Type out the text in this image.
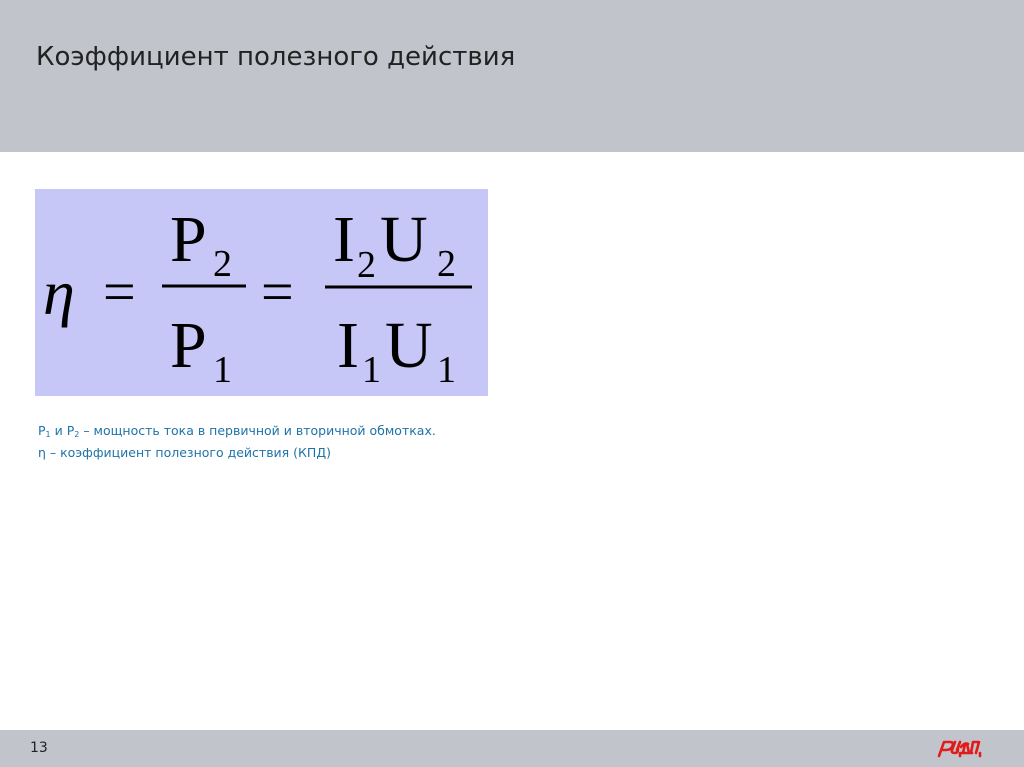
Коэффициент полезного действия
η =
P 2
P 1
=
I 2 U 2
I 1 U 1
$P_1$ и $P_2$ – мощность тока в первичной и вторичной обмотках.
η – коэффициент полезного действия (КПД)
13
